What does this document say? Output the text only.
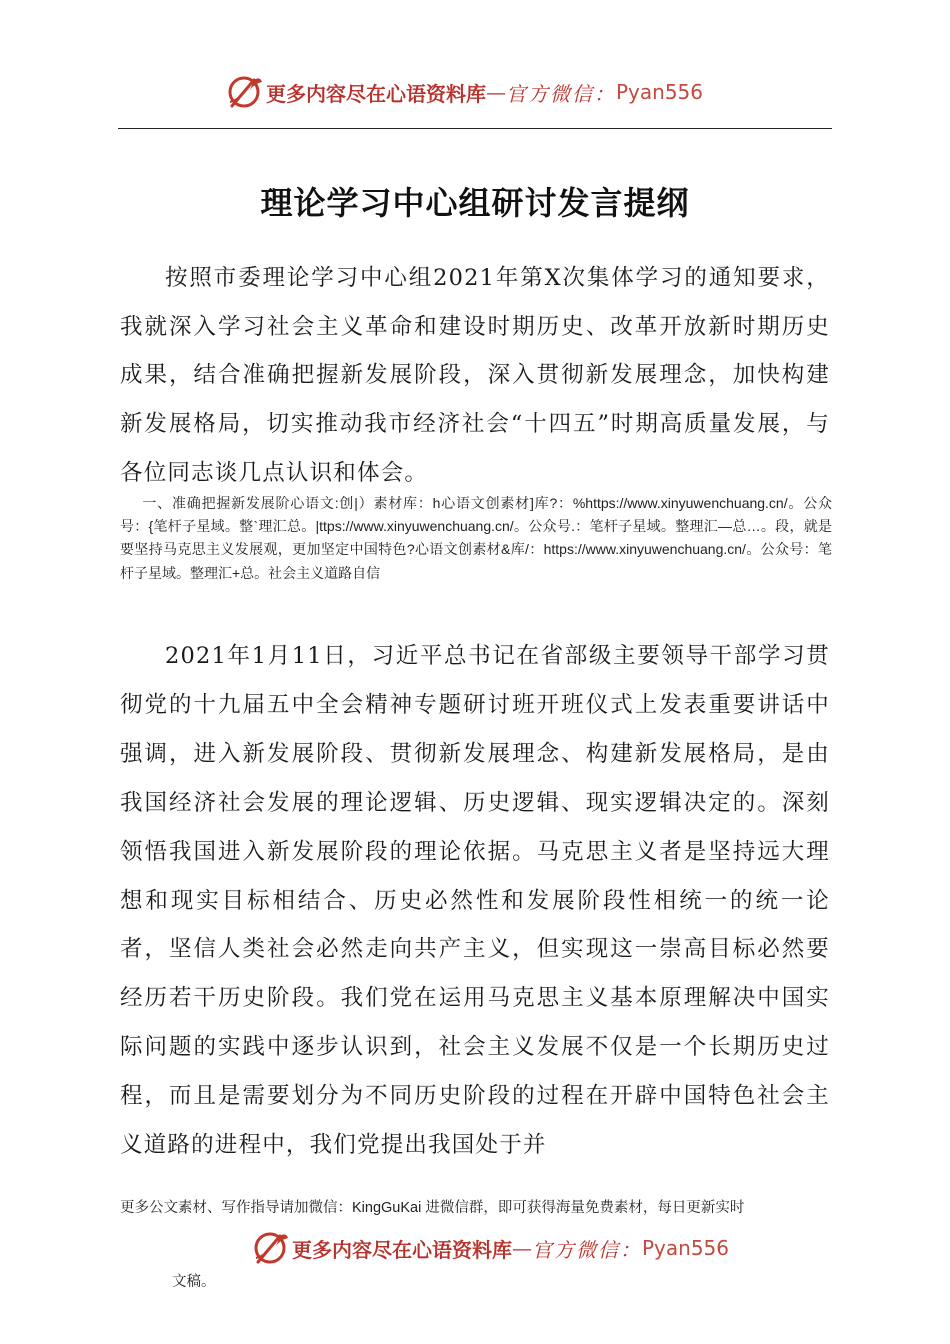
更多内容尽在心语资料库 — 官方微信： Pyan556
理论学习中心组研讨发言提纲

按照市委理论学习中心组2021年第X次集体学习的通知要求，我就深入学习社会主义革命和建设时期历史、改革开放新时期历史成果，结合准确把握新发展阶段，深入贯彻新发展理念，加快构建新发展格局，切实推动我市经济社会“十四五”时期高质量发展，与各位同志谈几点认识和体会。

一、准确把握新发展阶心语文:创|）素材库：h心语文创素材]库?：%https://www.xinyuwenchuang.cn/。公众号：{笔杆子星域。整`理汇总。|ttps://www.xinyuwenchuang.cn/。公众号.：笔杆子星域。整理汇—总…。段，就是要坚持马克思主义发展观，更加坚定中国特色?心语文创素材&库/：https://www.xinyuwenchuang.cn/。公众号：笔杆子星域。整理汇+总。社会主义道路自信

2021年1月11日，习近平总书记在省部级主要领导干部学习贯彻党的十九届五中全会精神专题研讨班开班仪式上发表重要讲话中强调，进入新发展阶段、贯彻新发展理念、构建新发展格局，是由我国经济社会发展的理论逻辑、历史逻辑、现实逻辑决定的。深刻领悟我国进入新发展阶段的理论依据。马克思主义者是坚持远大理想和现实目标相结合、历史必然性和发展阶段性相统一的统一论者，坚信人类社会必然走向共产主义，但实现这一崇高目标必然要经历若干历史阶段。我们党在运用马克思主义基本原理解决中国实际问题的实践中逐步认识到，社会主义发展不仅是一个长期历史过程，而且是需要划分为不同历史阶段的过程在开辟中国特色社会主义道路的进程中，我们党提出我国处于并

更多公文素材、写作指导请加微信：KingGuKai 进微信群，即可获得海量免费素材，每日更新实时
更多内容尽在心语资料库 — 官方微信： Pyan556
文稿。
